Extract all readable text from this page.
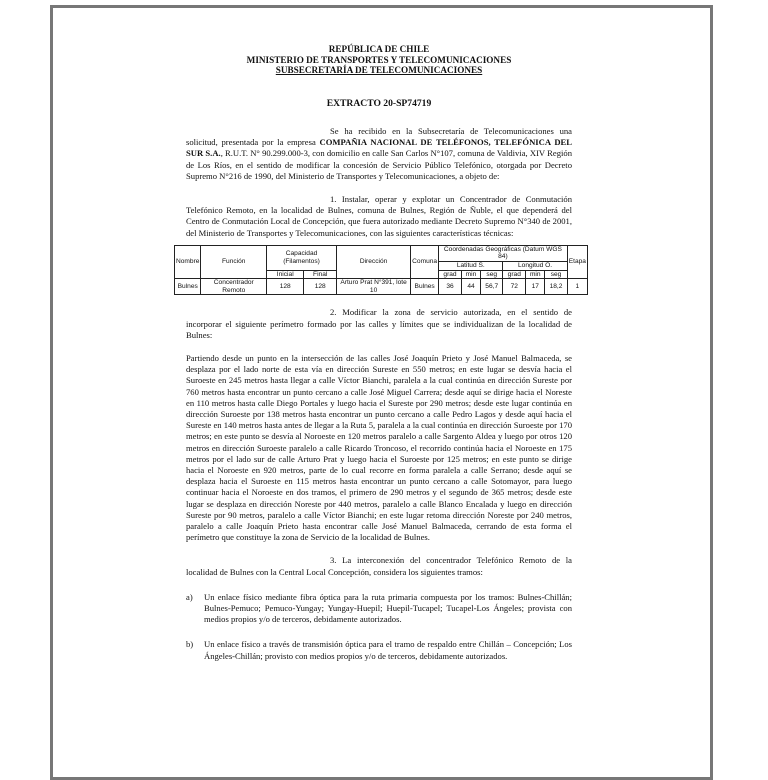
REPÚBLICA DE CHILE
MINISTERIO DE TRANSPORTES Y TELECOMUNICACIONES
SUBSECRETARÍA DE TELECOMUNICACIONES
EXTRACTO 20-SP74719

Se ha recibido en la Subsecretaría de Telecomunicaciones una solicitud, presentada por la empresa COMPAÑIA NACIONAL DE TELÉFONOS, TELEFÓNICA DEL SUR S.A., R.U.T. N° 90.299.000-3, con domicilio en calle San Carlos N°107, comuna de Valdivia, XIV Región de Los Ríos, en el sentido de modificar la concesión de Servicio Público Telefónico, otorgada por Decreto Supremo N°216 de 1990, del Ministerio de Transportes y Telecomunicaciones, a objeto de:

1. Instalar, operar y explotar un Concentrador de Conmutación Telefónico Remoto, en la localidad de Bulnes, comuna de Bulnes, Región de Ñuble, el que dependerá del Centro de Conmutación Local de Concepción, que fuera autorizado mediante Decreto Supremo N°340 de 2001, del Ministerio de Transportes y Telecomunicaciones, con las siguientes características técnicas:

Nombre	Función	Capacidad (Filamentos)		Dirección	Comuna	Coordenadas Geográficas (Datum WGS 84)						Etapa
						Latitud S.			Longitud O.			
		Inicial	Final			grad	min	seg	grad	min	seg	
Bulnes	Concentrador Remoto	128	128	Arturo Prat N°391, lote 10	Bulnes	36	44	56,7	72	17	18,2	1

2. Modificar la zona de servicio autorizada, en el sentido de incorporar el siguiente perímetro formado por las calles y límites que se individualizan de la localidad de Bulnes:

Partiendo desde un punto en la intersección de las calles José Joaquín Prieto y José Manuel Balmaceda, se desplaza por el lado norte de esta vía en dirección Sureste en 550 metros; en este lugar se desvía hacia el Suroeste en 245 metros hasta llegar a calle Víctor Bianchi, paralela a la cual continúa en dirección Sureste por 760 metros hasta encontrar un punto cercano a calle José Miguel Carrera; desde aquí se dirige hacia el Noreste en 110 metros hasta calle Diego Portales y luego hacia el Sureste por 290 metros; desde este lugar continúa en dirección Suroeste por 138 metros hasta encontrar un punto cercano a calle Pedro Lagos y desde aquí hacia el Sureste en 140 metros hasta antes de llegar a la Ruta 5, paralela a la cual continúa en dirección Suroeste por 170 metros; en este punto se desvía al Noroeste en 120 metros paralelo a calle Sargento Aldea y luego por otros 120 metros en dirección Suroeste paralelo a calle Ricardo Troncoso, el recorrido continúa hacia el Noroeste en 175 metros por el lado sur de calle Arturo Prat y luego hacia el Suroeste por 125 metros; en este punto se dirige hacia el Noroeste en 920 metros, parte de lo cual recorre en forma paralela a calle Serrano; desde aquí se desplaza hacia el Suroeste en 115 metros hasta encontrar un punto cercano a calle Sotomayor, para luego continuar hacia el Noroeste en dos tramos, el primero de 290 metros y el segundo de 365 metros; desde este lugar se desplaza en dirección Noreste por 440 metros, paralelo a calle Blanco Encalada y luego en dirección Sureste por 90 metros, paralelo a calle Víctor Bianchi; en este lugar retoma dirección Noreste por 240 metros, paralelo a calle Joaquín Prieto hasta encontrar calle José Manuel Balmaceda, cerrando de esta forma el perímetro que constituye la zona de Servicio de la localidad de Bulnes.

3. La interconexión del concentrador Telefónico Remoto de la localidad de Bulnes con la Central Local Concepción, considera los siguientes tramos:

a)	Un enlace físico mediante fibra óptica para la ruta primaria compuesta por los tramos: Bulnes-Chillán; Bulnes-Pemuco; Pemuco-Yungay; Yungay-Huepil; Huepil-Tucapel; Tucapel-Los Ángeles; provista con medios propios y/o de terceros, debidamente autorizados.
b)	Un enlace físico a través de transmisión óptica para el tramo de respaldo entre Chillán – Concepción; Los Ángeles-Chillán; provisto con medios propios y/o de terceros, debidamente autorizados.
